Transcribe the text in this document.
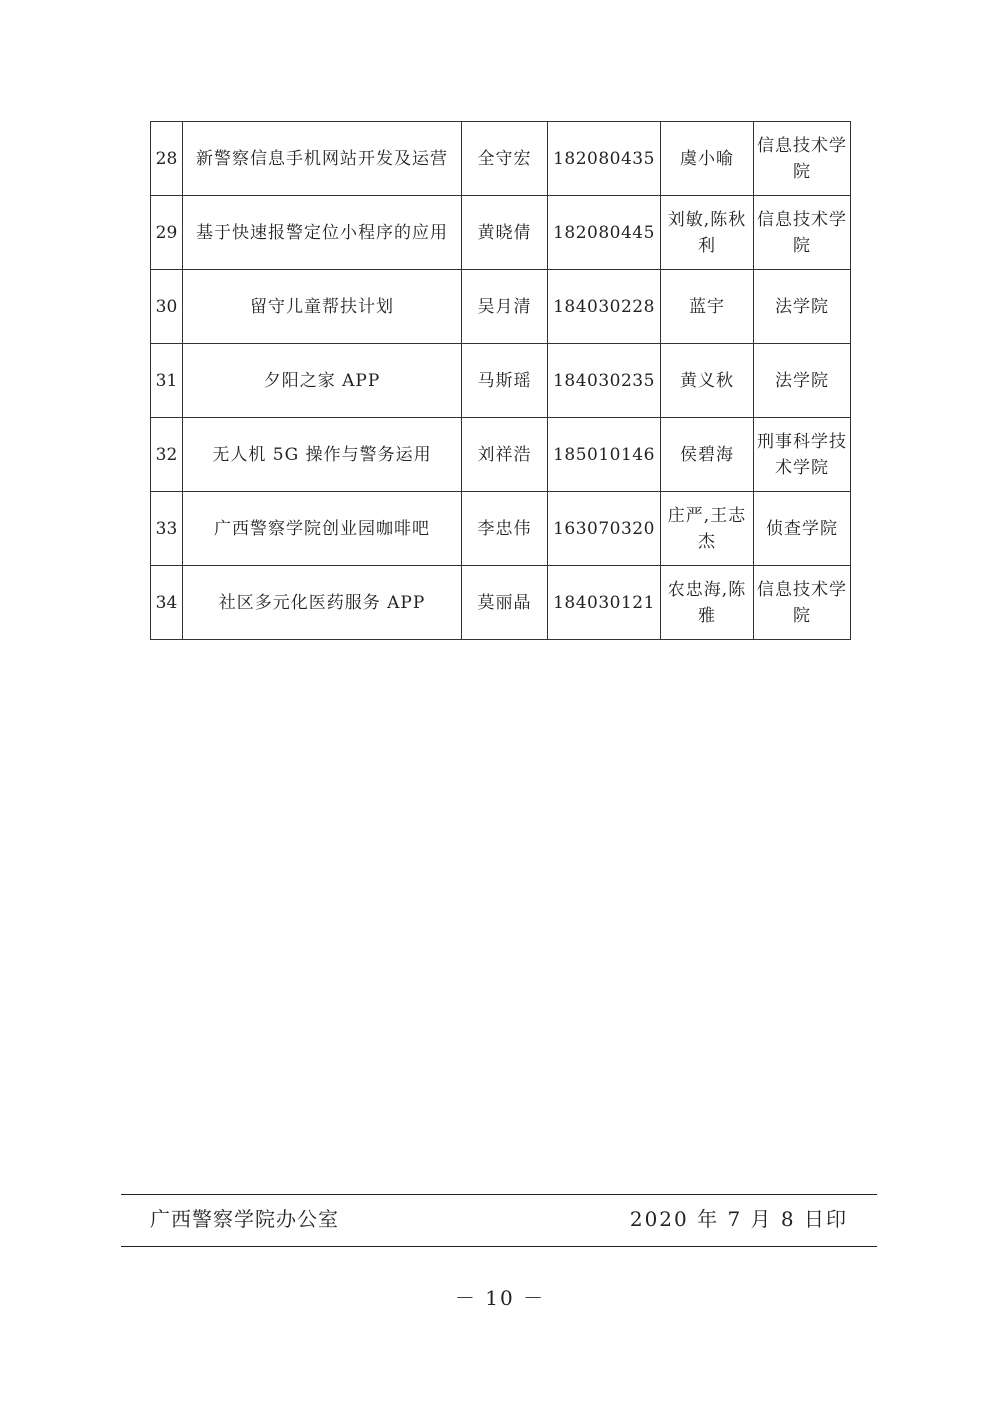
28	新警察信息手机网站开发及运营	全守宏	182080435	虞小喻	信息技术学院
29	基于快速报警定位小程序的应用	黄晓倩	182080445	刘敏,陈秋利	信息技术学院
30	留守儿童帮扶计划	吴月清	184030228	蓝宇	法学院
31	夕阳之家 APP	马斯瑶	184030235	黄义秋	法学院
32	无人机 5G 操作与警务运用	刘祥浩	185010146	侯碧海	刑事科学技术学院
33	广西警察学院创业园咖啡吧	李忠伟	163070320	庄严,王志杰	侦查学院
34	社区多元化医药服务 APP	莫丽晶	184030121	农忠海,陈雅	信息技术学院
广西警察学院办公室	2020 年 7 月 8 日印
－ 10 －
